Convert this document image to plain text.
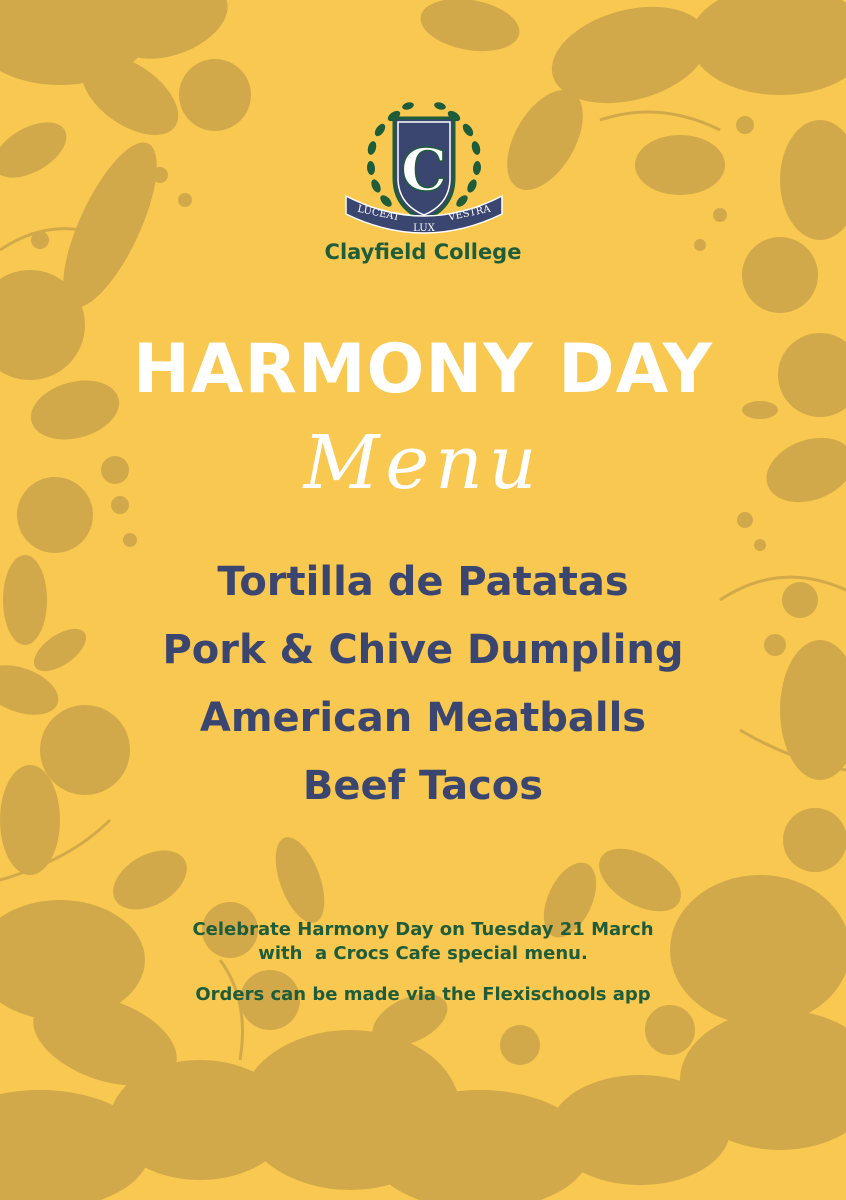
C
LUCEAT
LUX
VESTRA
Clayfield College
HARMONY DAY
Menu
Tortilla de Patatas
Pork & Chive Dumpling
American Meatballs
Beef Tacos
Celebrate Harmony Day on Tuesday 21 March
with  a Crocs Cafe special menu.
Orders can be made via the Flexischools app
